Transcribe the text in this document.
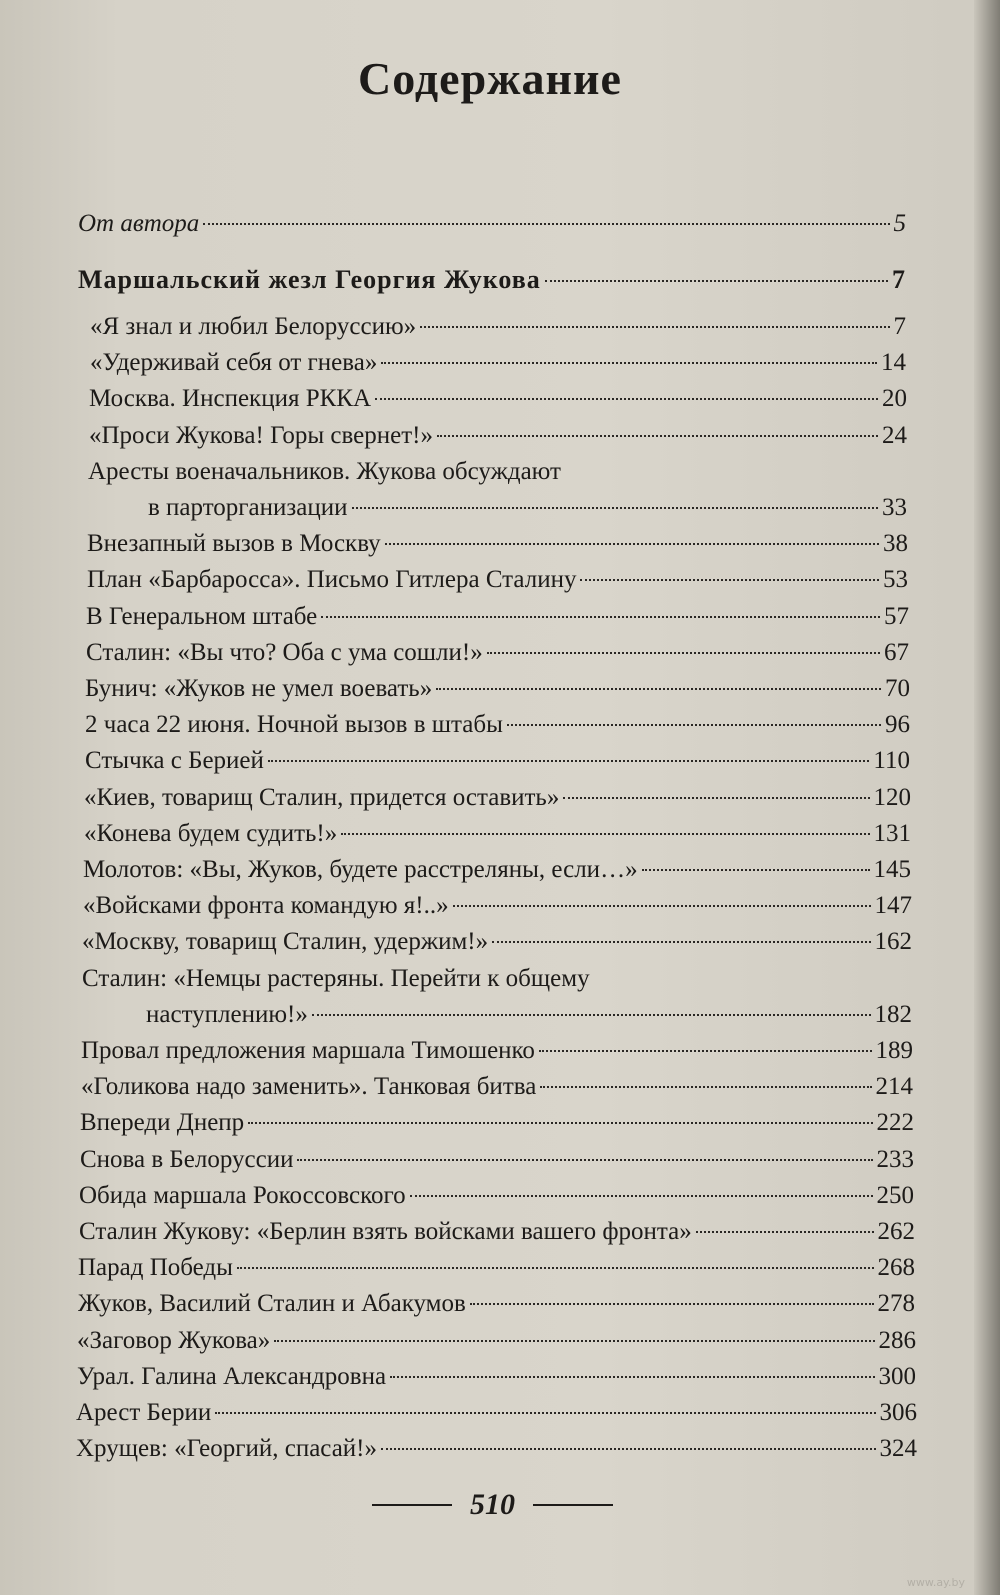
Содержание
От автора	5
Маршальский жезл Георгия Жукова	7
«Я знал и любил Белоруссию»	7
«Удерживай себя от гнева»	14
Москва. Инспекция РККА	20
«Проси Жукова! Горы свернет!»	24
Аресты военачальников. Жукова обсуждают
в парторганизации	33
Внезапный вызов в Москву	38
План «Барбаросса». Письмо Гитлера Сталину	53
В Генеральном штабе	57
Сталин: «Вы что? Оба с ума сошли!»	67
Бунич: «Жуков не умел воевать»	70
2 часа 22 июня. Ночной вызов в штабы	96
Стычка с Берией	110
«Киев, товарищ Сталин, придется оставить»	120
«Конева будем судить!»	131
Молотов: «Вы, Жуков, будете расстреляны, если…»	145
«Войсками фронта командую я!..»	147
«Москву, товарищ Сталин, удержим!»	162
Сталин: «Немцы растеряны. Перейти к общему
наступлению!»	182
Провал предложения маршала Тимошенко	189
«Голикова надо заменить». Танковая битва	214
Впереди Днепр	222
Снова в Белоруссии	233
Обида маршала Рокоссовского	250
Сталин Жукову: «Берлин взять войсками вашего фронта»	262
Парад Победы	268
Жуков, Василий Сталин и Абакумов	278
«Заговор Жукова»	286
Урал. Галина Александровна	300
Арест Берии	306
Хрущев: «Георгий, спасай!»	324
510
www.ay.by
